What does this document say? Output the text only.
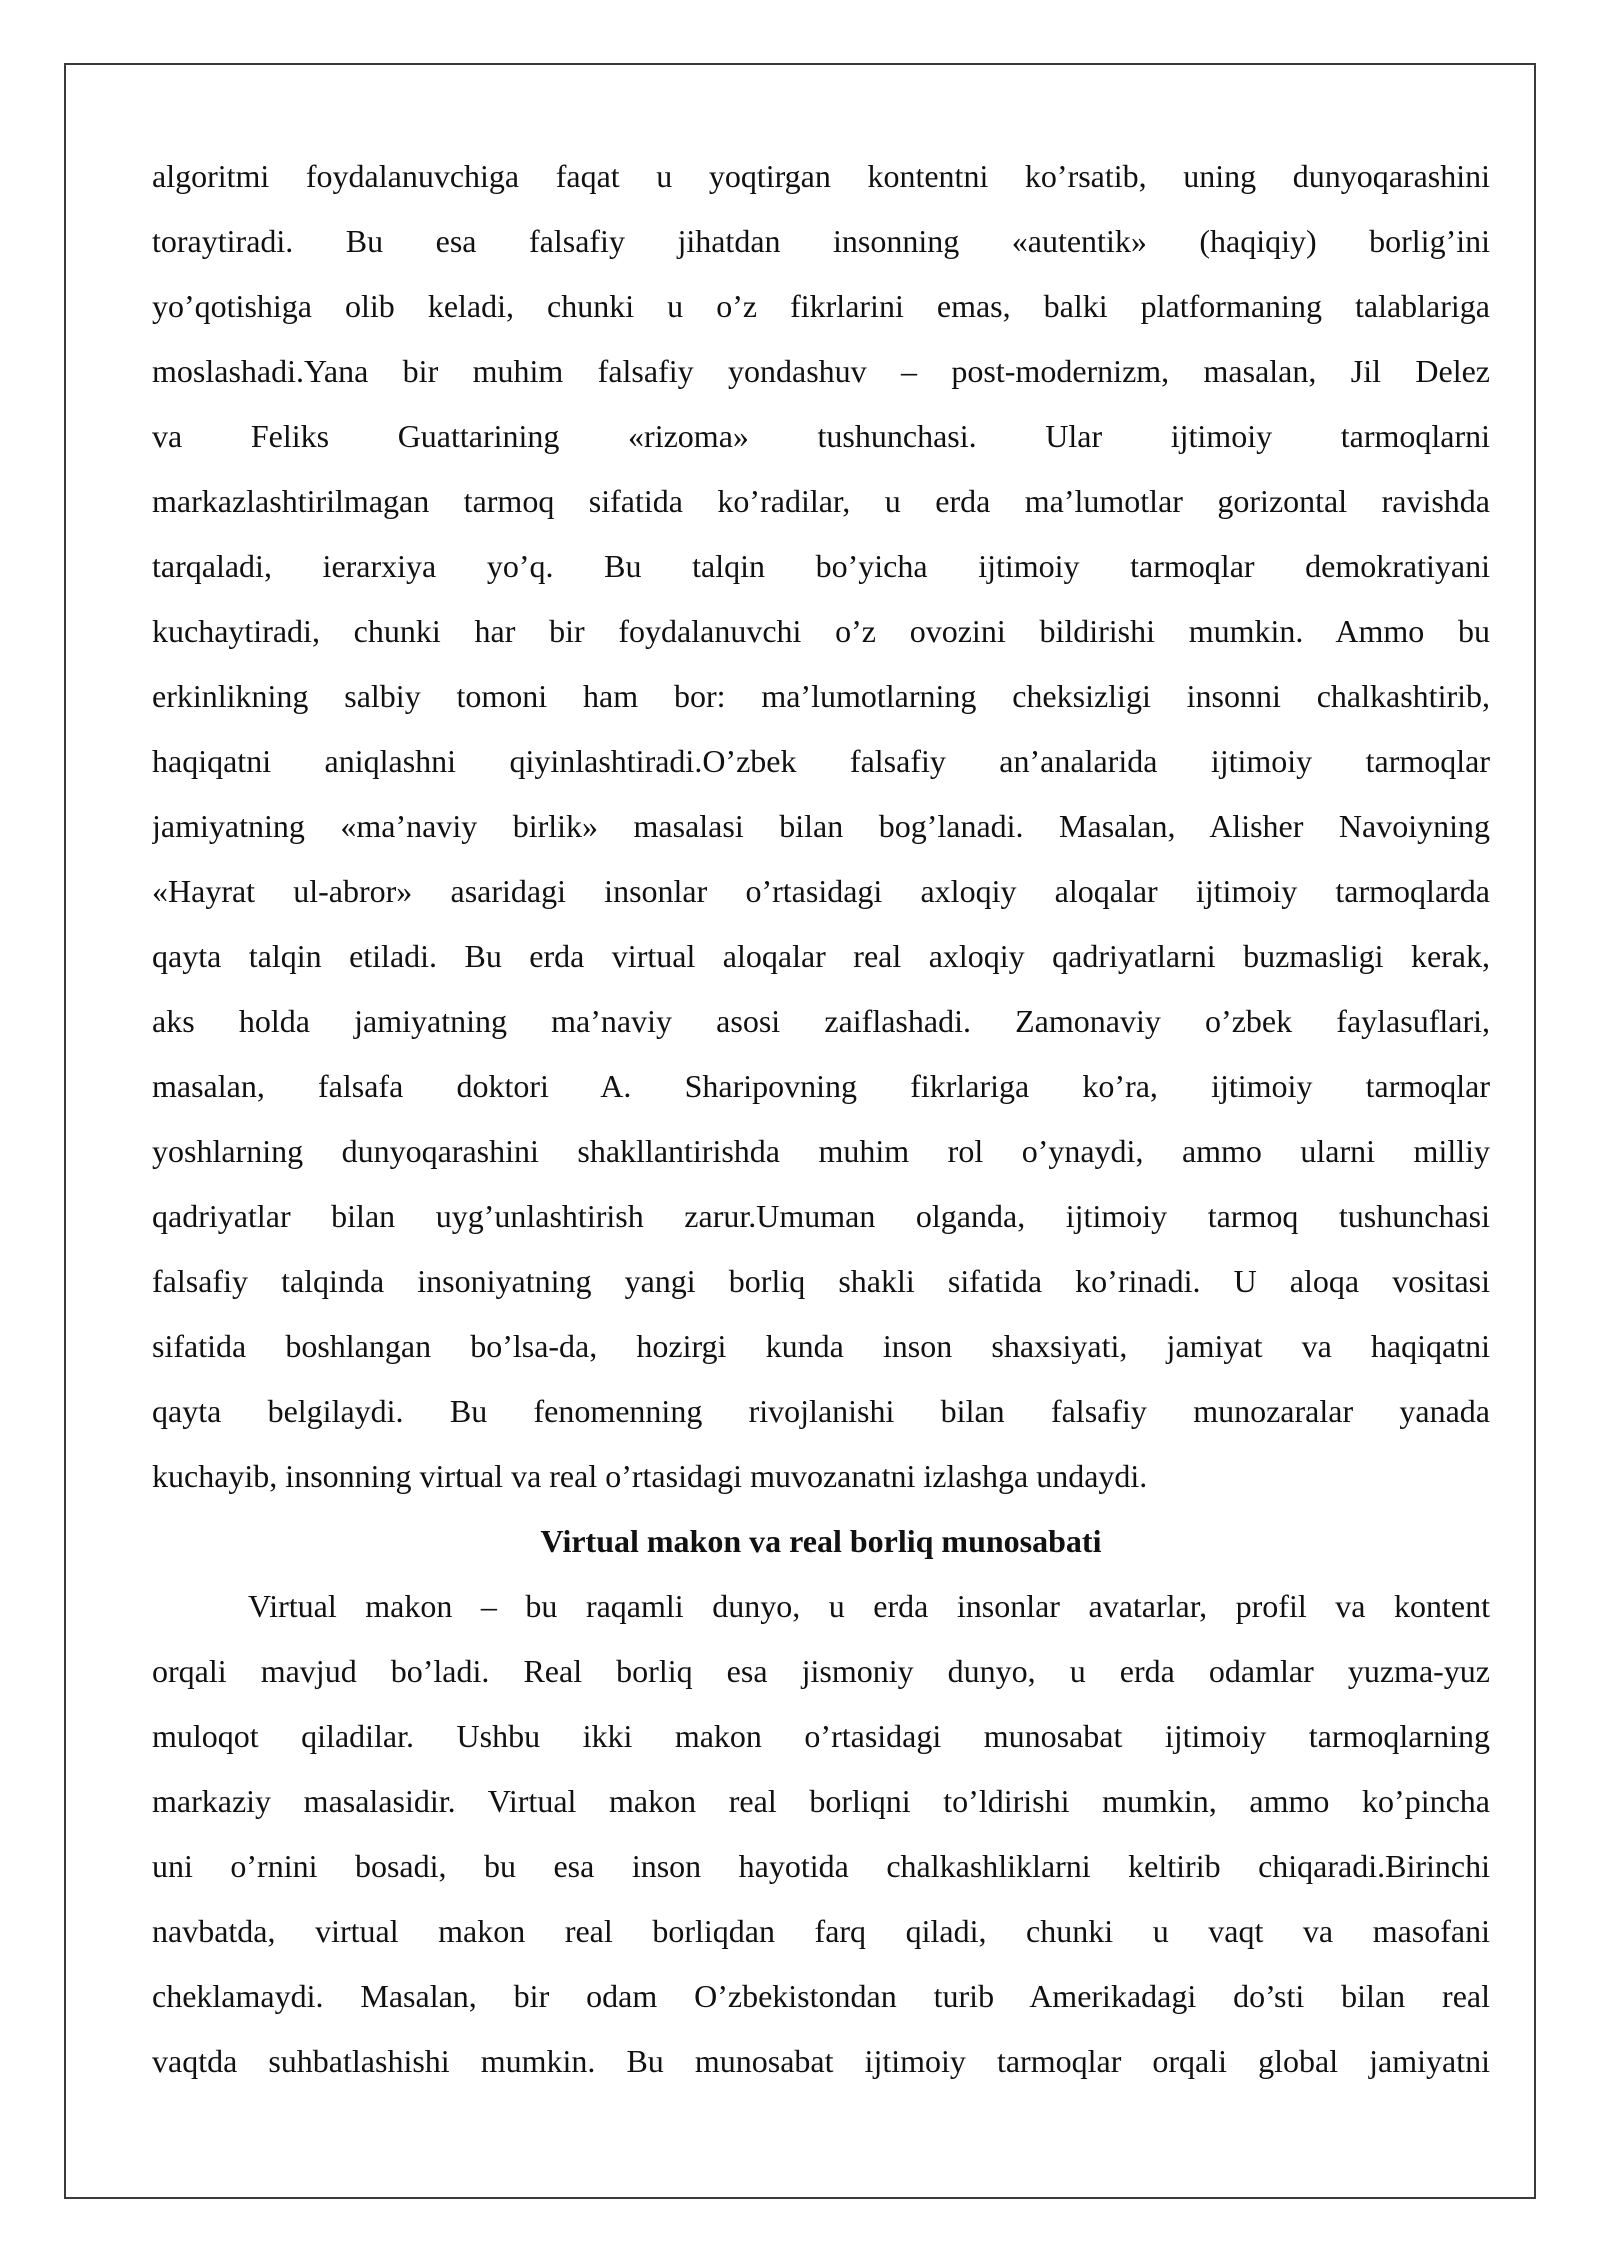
algoritmi foydalanuvchiga faqat u yoqtirgan kontentni ko’rsatib, uning dunyoqarashini
toraytiradi. Bu esa falsafiy jihatdan insonning «autentik» (haqiqiy) borlig’ini
yo’qotishiga olib keladi, chunki u o’z fikrlarini emas, balki platformaning talablariga
moslashadi.Yana bir muhim falsafiy yondashuv – post-modernizm, masalan, Jil Delez
va Feliks Guattarining «rizoma» tushunchasi. Ular ijtimoiy tarmoqlarni
markazlashtirilmagan tarmoq sifatida ko’radilar, u erda ma’lumotlar gorizontal ravishda
tarqaladi, ierarxiya yo’q. Bu talqin bo’yicha ijtimoiy tarmoqlar demokratiyani
kuchaytiradi, chunki har bir foydalanuvchi o’z ovozini bildirishi mumkin. Ammo bu
erkinlikning salbiy tomoni ham bor: ma’lumotlarning cheksizligi insonni chalkashtirib,
haqiqatni aniqlashni qiyinlashtiradi.O’zbek falsafiy an’analarida ijtimoiy tarmoqlar
jamiyatning «ma’naviy birlik» masalasi bilan bog’lanadi. Masalan, Alisher Navoiyning
«Hayrat ul-abror» asaridagi insonlar o’rtasidagi axloqiy aloqalar ijtimoiy tarmoqlarda
qayta talqin etiladi. Bu erda virtual aloqalar real axloqiy qadriyatlarni buzmasligi kerak,
aks holda jamiyatning ma’naviy asosi zaiflashadi. Zamonaviy o’zbek faylasuflari,
masalan, falsafa doktori A. Sharipovning fikrlariga ko’ra, ijtimoiy tarmoqlar
yoshlarning dunyoqarashini shakllantirishda muhim rol o’ynaydi, ammo ularni milliy
qadriyatlar bilan uyg’unlashtirish zarur.Umuman olganda, ijtimoiy tarmoq tushunchasi
falsafiy talqinda insoniyatning yangi borliq shakli sifatida ko’rinadi. U aloqa vositasi
sifatida boshlangan bo’lsa-da, hozirgi kunda inson shaxsiyati, jamiyat va haqiqatni
qayta belgilaydi. Bu fenomenning rivojlanishi bilan falsafiy munozaralar yanada
kuchayib, insonning virtual va real o’rtasidagi muvozanatni izlashga undaydi.
Virtual makon va real borliq munosabati
Virtual makon – bu raqamli dunyo, u erda insonlar avatarlar, profil va kontent
orqali mavjud bo’ladi. Real borliq esa jismoniy dunyo, u erda odamlar yuzma-yuz
muloqot qiladilar. Ushbu ikki makon o’rtasidagi munosabat ijtimoiy tarmoqlarning
markaziy masalasidir. Virtual makon real borliqni to’ldirishi mumkin, ammo ko’pincha
uni o’rnini bosadi, bu esa inson hayotida chalkashliklarni keltirib chiqaradi.Birinchi
navbatda, virtual makon real borliqdan farq qiladi, chunki u vaqt va masofani
cheklamaydi. Masalan, bir odam O’zbekistondan turib Amerikadagi do’sti bilan real
vaqtda suhbatlashishi mumkin. Bu munosabat ijtimoiy tarmoqlar orqali global jamiyatni
